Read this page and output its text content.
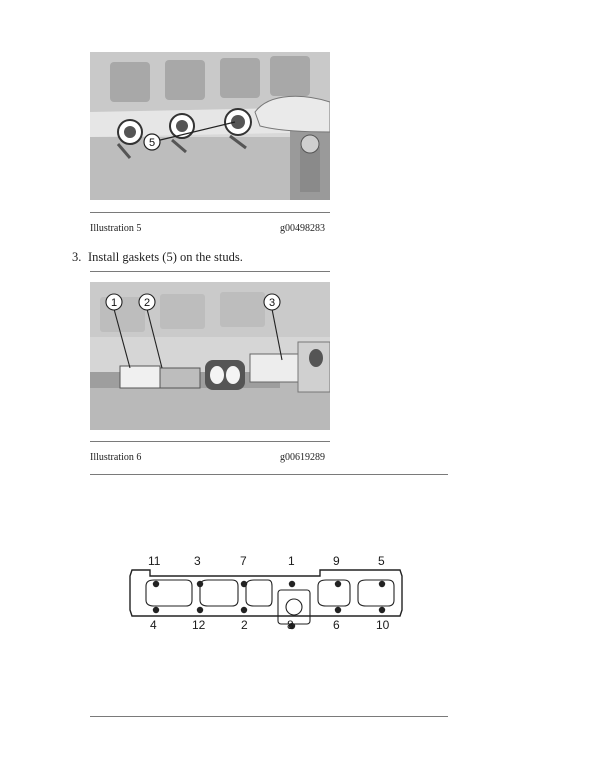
5
Illustration 5	g00498283
3. Install gaskets (5) on the studs.
1 2	3
Illustration 6	g00619289
11	3	7	1	9	5
4	12	2	8	6	10
